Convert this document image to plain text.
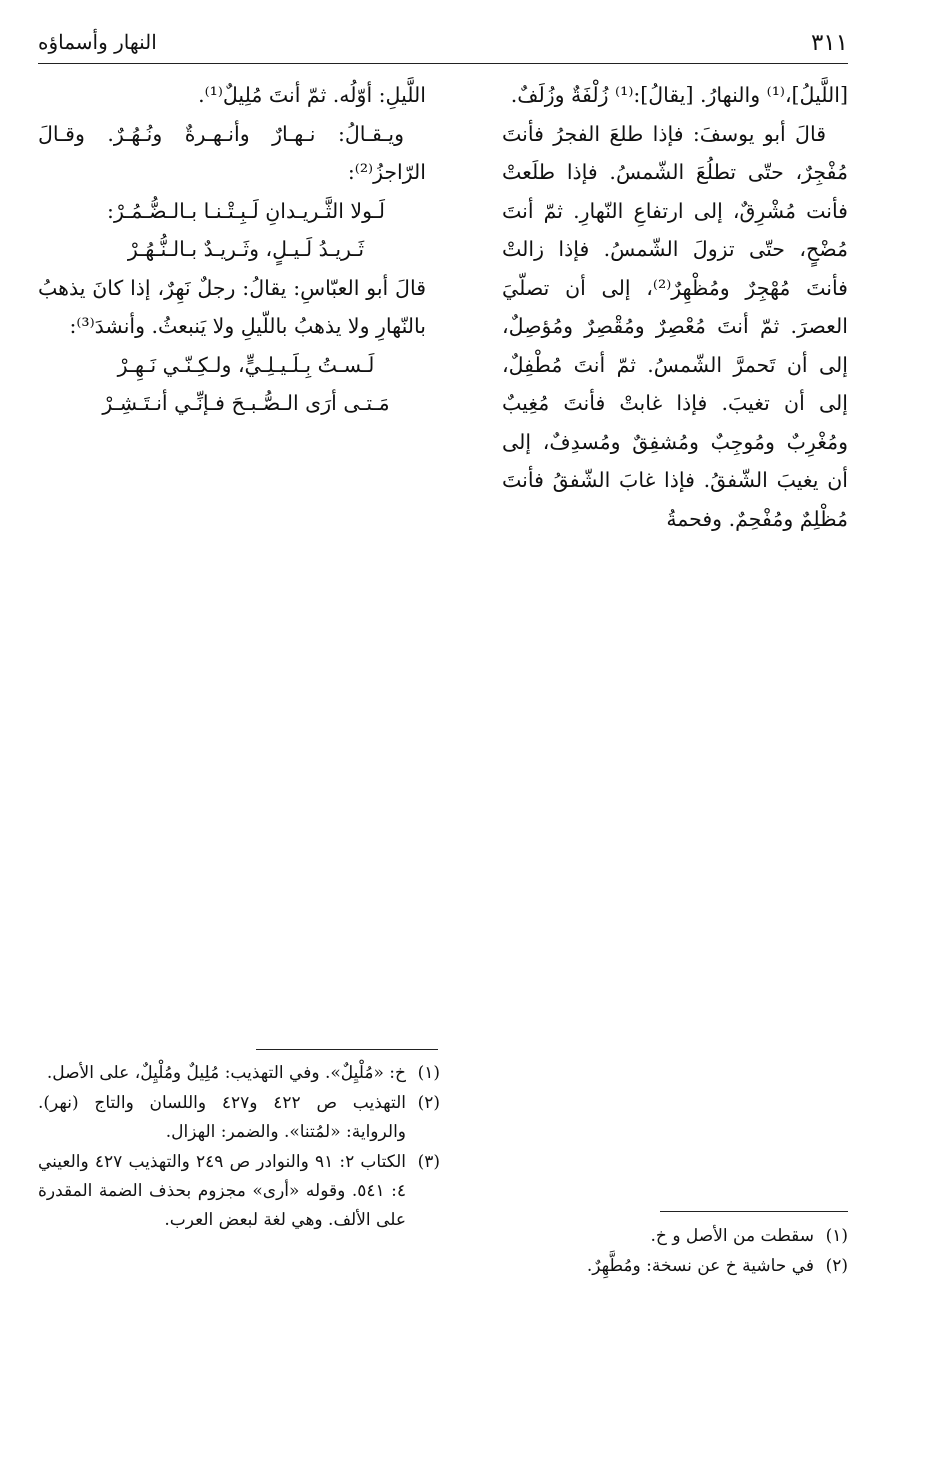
٣١١
النهار وأسماؤه

[اللَّيلُ]،⁽¹⁾ والنهارُ. [يقالُ]:⁽¹⁾ زُلْفَةٌ وزُلَفٌ.

قالَ أبو يوسفَ: فإذا طلعَ الفجرُ فأنتَ مُفْجِرٌ، حتّى تطلُعَ الشّمسُ. فإذا طلَعتْ فأنت مُشْرِقٌ، إلى ارتفاعِ النّهارِ. ثمّ أنتَ مُضْحٍ، حتّى تزولَ الشّمسُ. فإذا زالتْ فأنتَ مُهْجِرٌ ومُظْهِرٌ⁽²⁾، إلى أن تصلّيَ العصرَ. ثمّ أنتَ مُعْصِرٌ ومُقْصِرٌ ومُؤصِلٌ، إلى أن تَحمرَّ الشّمسُ. ثمّ أنتَ مُطْفِلٌ، إلى أن تغيبَ. فإذا غابتْ فأنتَ مُغِيبٌ ومُغْرِبٌ ومُوجِبٌ ومُشفِقٌ ومُسدِفٌ، إلى أن يغيبَ الشّفقُ. فإذا غابَ الشّفقُ فأنتَ مُظْلِمٌ ومُفْحِمٌ. وفحمةُ

اللَّيلِ: أوّلُه. ثمّ أنتَ مُلِيلٌ⁽¹⁾.

ويـقـالُ: نـهـارٌ وأنـهـرةٌ ونُـهُـرٌ. وقـالَ الرّاجزُ⁽²⁾:

لَـولا الثَّـريـدانِ لَـبِـتْـنـا بـالـضُّـمُـرْ:

ثَـريـدُ لَـيـلٍ، وثَـريـدٌ بـالـنُّـهُـرْ

قالَ أبو العبّاسِ: يقالُ: رجلٌ نَهِرٌ، إذا كانَ يذهبُ بالنّهارِ ولا يذهبُ باللّيلِ ولا يَنبعثُ. وأنشدَ⁽³⁾:

لَـسـتُ بِـلَـيـلِـيٍّ، ولـكِـنّـي نَـهِـرْ

مَـتـى أرَى الـصُّـبـحَ فـإنِّـي أنـتَـشِـرْ

(١)
خ: «مُلْيِلٌ». وفي التهذيب: مُلِيلٌ ومُلْيِلٌ، على الأصل.
(٢)
التهذيب ص ٤٢٢ و٤٢٧ واللسان والتاج (نهر). والرواية: «لمُتنا». والضمر: الهزال.
(٣)
الكتاب ٢: ٩١ والنوادر ص ٢٤٩ والتهذيب ٤٢٧ والعيني ٤: ٥٤١. وقوله «أرى» مجزوم بحذف الضمة المقدرة على الألف. وهي لغة لبعض العرب.
(١)
سقطت من الأصل و خ.
(٢)
في حاشية خ عن نسخة: ومُطَّهِرٌ.
